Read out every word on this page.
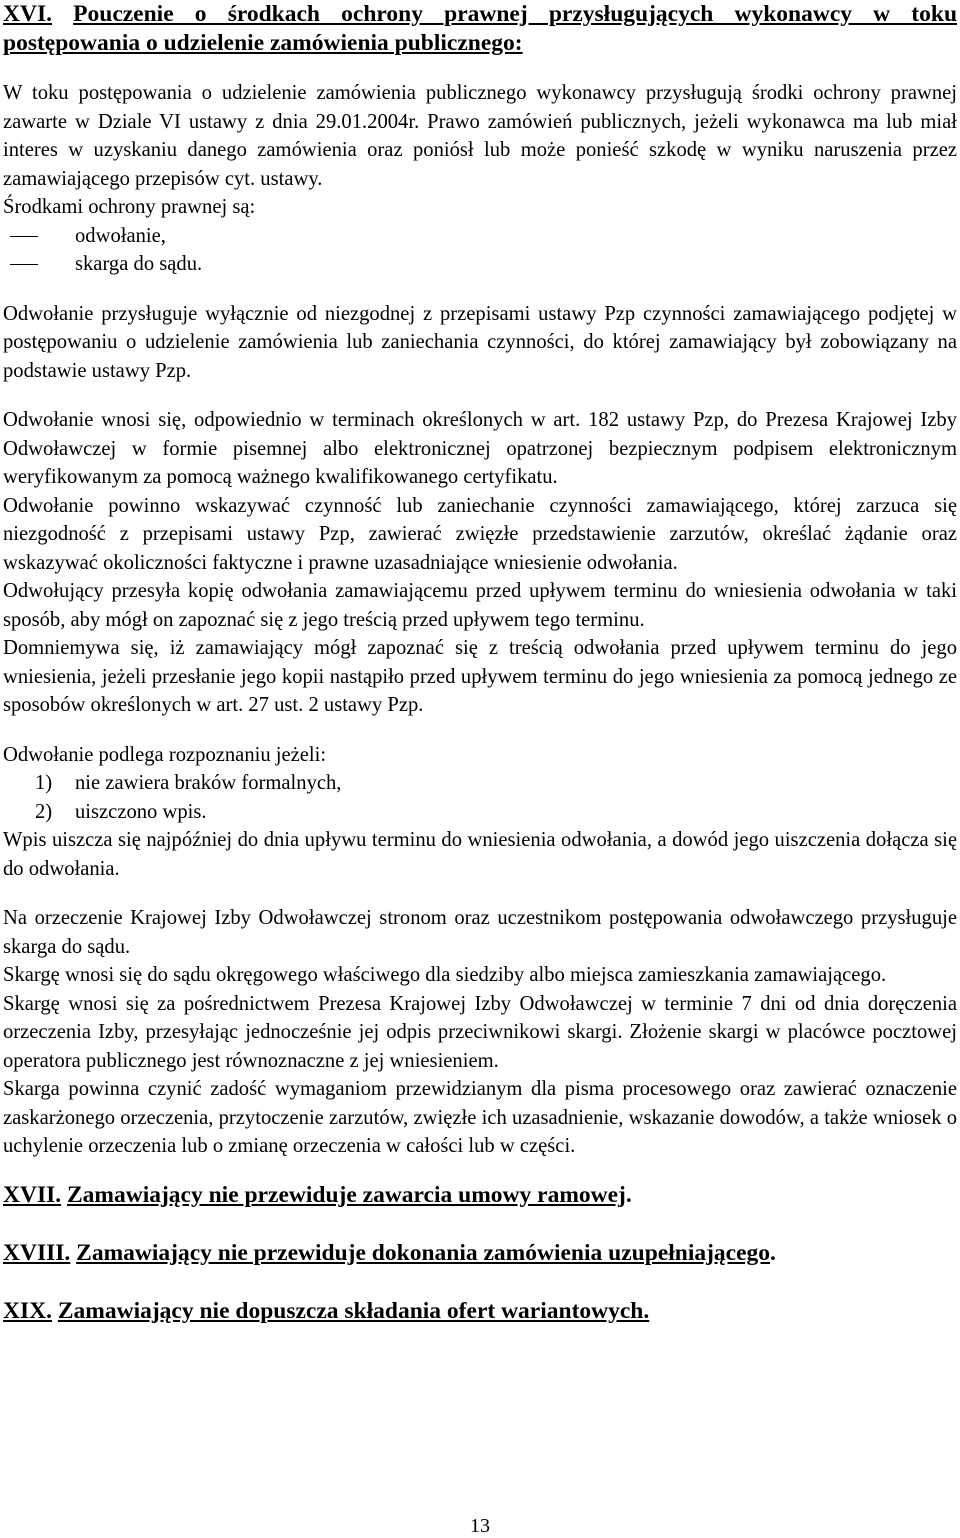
XVI. Pouczenie o środkach ochrony prawnej przysługujących wykonawcy w toku postępowania o udzielenie zamówienia publicznego:

W toku postępowania o udzielenie zamówienia publicznego wykonawcy przysługują środki ochrony prawnej zawarte w Dziale VI ustawy z dnia 29.01.2004r. Prawo zamówień publicznych, jeżeli wykonawca ma lub miał interes w uzyskaniu danego zamówienia oraz poniósł lub może ponieść szkodę w wyniku naruszenia przez zamawiającego przepisów cyt. ustawy.

Środkami ochrony prawnej są:

odwołanie,

skarga do sądu.

Odwołanie przysługuje wyłącznie od niezgodnej z przepisami ustawy Pzp czynności zamawiającego podjętej w postępowaniu o udzielenie zamówienia lub zaniechania czynności, do której zamawiający był zobowiązany na podstawie ustawy Pzp.

Odwołanie wnosi się, odpowiednio w terminach określonych w art. 182 ustawy Pzp, do Prezesa Krajowej Izby Odwoławczej w formie pisemnej albo elektronicznej opatrzonej bezpiecznym podpisem elektronicznym weryfikowanym za pomocą ważnego kwalifikowanego certyfikatu.

Odwołanie powinno wskazywać czynność lub zaniechanie czynności zamawiającego, której zarzuca się niezgodność z przepisami ustawy Pzp, zawierać zwięzłe przedstawienie zarzutów, określać żądanie oraz wskazywać okoliczności faktyczne i prawne uzasadniające wniesienie odwołania.

Odwołujący przesyła kopię odwołania zamawiającemu przed upływem terminu do wniesienia odwołania w taki sposób, aby mógł on zapoznać się z jego treścią przed upływem tego terminu.

Domniemywa się, iż zamawiający mógł zapoznać się z treścią odwołania przed upływem terminu do jego wniesienia, jeżeli przesłanie jego kopii nastąpiło przed upływem terminu do jego wniesienia za pomocą jednego ze sposobów określonych w art. 27 ust. 2 ustawy Pzp.

Odwołanie podlega rozpoznaniu jeżeli:

1) nie zawiera braków formalnych,

2) uiszczono wpis.

Wpis uiszcza się najpóźniej do dnia upływu terminu do wniesienia odwołania, a dowód jego uiszczenia dołącza się do odwołania.

Na orzeczenie Krajowej Izby Odwoławczej stronom oraz uczestnikom postępowania odwoławczego przysługuje skarga do sądu.

Skargę wnosi się do sądu okręgowego właściwego dla siedziby albo miejsca zamieszkania zamawiającego.

Skargę wnosi się za pośrednictwem Prezesa Krajowej Izby Odwoławczej w terminie 7 dni od dnia doręczenia orzeczenia Izby, przesyłając jednocześnie jej odpis przeciwnikowi skargi. Złożenie skargi w placówce pocztowej operatora publicznego jest równoznaczne z jej wniesieniem.

Skarga powinna czynić zadość wymaganiom przewidzianym dla pisma procesowego oraz zawierać oznaczenie zaskarżonego orzeczenia, przytoczenie zarzutów, zwięzłe ich uzasadnienie, wskazanie dowodów, a także wniosek o uchylenie orzeczenia lub o zmianę orzeczenia w całości lub w części.

XVII. Zamawiający nie przewiduje zawarcia umowy ramowej.

XVIII. Zamawiający nie przewiduje dokonania zamówienia uzupełniającego.

XIX. Zamawiający nie dopuszcza składania ofert wariantowych.

13
